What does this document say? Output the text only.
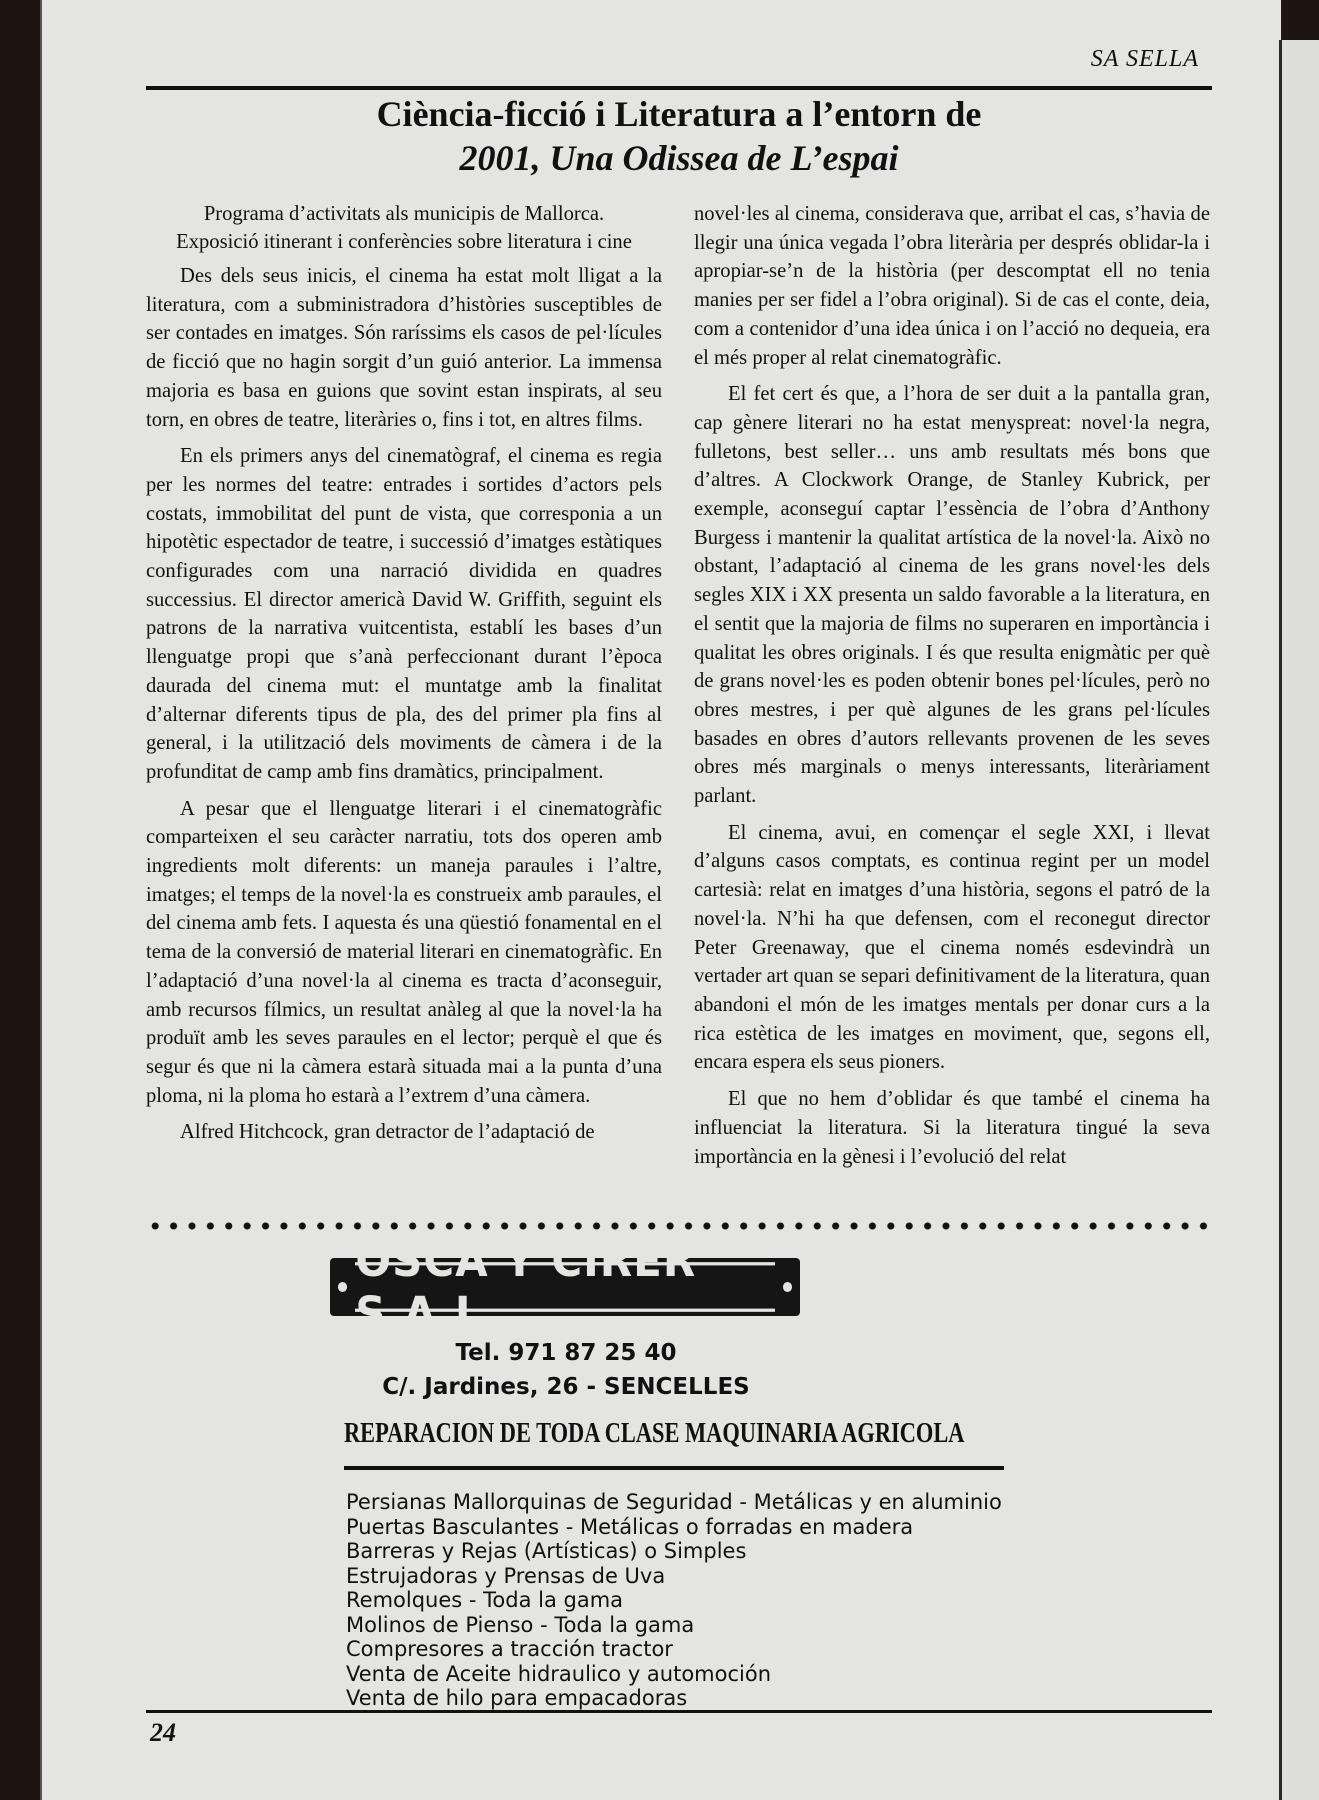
SA SELLA
Ciència-ficció i Literatura a l’entorn de
2001, Una Odissea de L’espai
Programa d’activitats als municipis de Mallorca.
Exposició itinerant i conferències sobre literatura i cine

Des dels seus inicis, el cinema ha estat molt lligat a la literatura, com a subministradora d’històries susceptibles de ser contades en imatges. Són raríssims els casos de pel·lícules de ficció que no hagin sorgit d’un guió anterior. La immensa majoria es basa en guions que sovint estan inspirats, al seu torn, en obres de teatre, literàries o, fins i tot, en altres films.

En els primers anys del cinematògraf, el cinema es regia per les normes del teatre: entrades i sortides d’actors pels costats, immobilitat del punt de vista, que corresponia a un hipotètic espectador de teatre, i successió d’imatges estàtiques configurades com una narració dividida en quadres successius. El director americà David W. Griffith, seguint els patrons de la narrativa vuitcentista, establí les bases d’un llenguatge propi que s’anà perfeccionant durant l’època daurada del cinema mut: el muntatge amb la finalitat d’alternar diferents tipus de pla, des del primer pla fins al general, i la utilització dels moviments de càmera i de la profunditat de camp amb fins dramàtics, principalment.

A pesar que el llenguatge literari i el cinematogràfic comparteixen el seu caràcter narratiu, tots dos operen amb ingredients molt diferents: un maneja paraules i l’altre, imatges; el temps de la novel·la es construeix amb paraules, el del cinema amb fets. I aquesta és una qüestió fonamental en el tema de la conversió de material literari en cinematogràfic. En l’adaptació d’una novel·la al cinema es tracta d’aconseguir, amb recursos fílmics, un resultat anàleg al que la novel·la ha produït amb les seves paraules en el lector; perquè el que és segur és que ni la càmera estarà situada mai a la punta d’una ploma, ni la ploma ho estarà a l’extrem d’una càmera.

Alfred Hitchcock, gran detractor de l’adaptació de

novel·les al cinema, considerava que, arribat el cas, s’havia de llegir una única vegada l’obra literària per després oblidar-la i apropiar-se’n de la història (per descomptat ell no tenia manies per ser fidel a l’obra original). Si de cas el conte, deia, com a contenidor d’una idea única i on l’acció no dequeia, era el més proper al relat cinematogràfic.

El fet cert és que, a l’hora de ser duit a la pantalla gran, cap gènere literari no ha estat menyspreat: novel·la negra, fulletons, best seller… uns amb resultats més bons que d’altres. A Clockwork Orange, de Stanley Kubrick, per exemple, aconseguí captar l’essència de l’obra d’Anthony Burgess i mantenir la qualitat artística de la novel·la. Això no obstant, l’adaptació al cinema de les grans novel·les dels segles XIX i XX presenta un saldo favorable a la literatura, en el sentit que la majoria de films no superaren en importància i qualitat les obres originals. I és que resulta enigmàtic per què de grans novel·les es poden obtenir bones pel·lícules, però no obres mestres, i per què algunes de les grans pel·lícules basades en obres d’autors rellevants provenen de les seves obres més marginals o menys interessants, literàriament parlant.

El cinema, avui, en començar el segle XXI, i llevat d’alguns casos comptats, es continua regint per un model cartesià: relat en imatges d’una història, segons el patró de la novel·la. N’hi ha que defensen, com el reconegut director Peter Greenaway, que el cinema només esdevindrà un vertader art quan se separi definitivament de la literatura, quan abandoni el món de les imatges mentals per donar curs a la rica estètica de les imatges en moviment, que, segons ell, encara espera els seus pioners.

El que no hem d’oblidar és que també el cinema ha influenciat la literatura. Si la literatura tingué la seva importància en la gènesi i l’evolució del relat

OSCA Y CIRER S.A.L.
Tel. 971 87 25 40
C/. Jardines, 26 - SENCELLES
REPARACION DE TODA CLASE MAQUINARIA AGRICOLA
Persianas Mallorquinas de Seguridad - Metálicas y en aluminio
Puertas Basculantes - Metálicas o forradas en madera
Barreras y Rejas (Artísticas) o Simples
Estrujadoras y Prensas de Uva
Remolques - Toda la gama
Molinos de Pienso - Toda la gama
Compresores a tracción tractor
Venta de Aceite hidraulico y automoción
Venta de hilo para empacadoras
24
